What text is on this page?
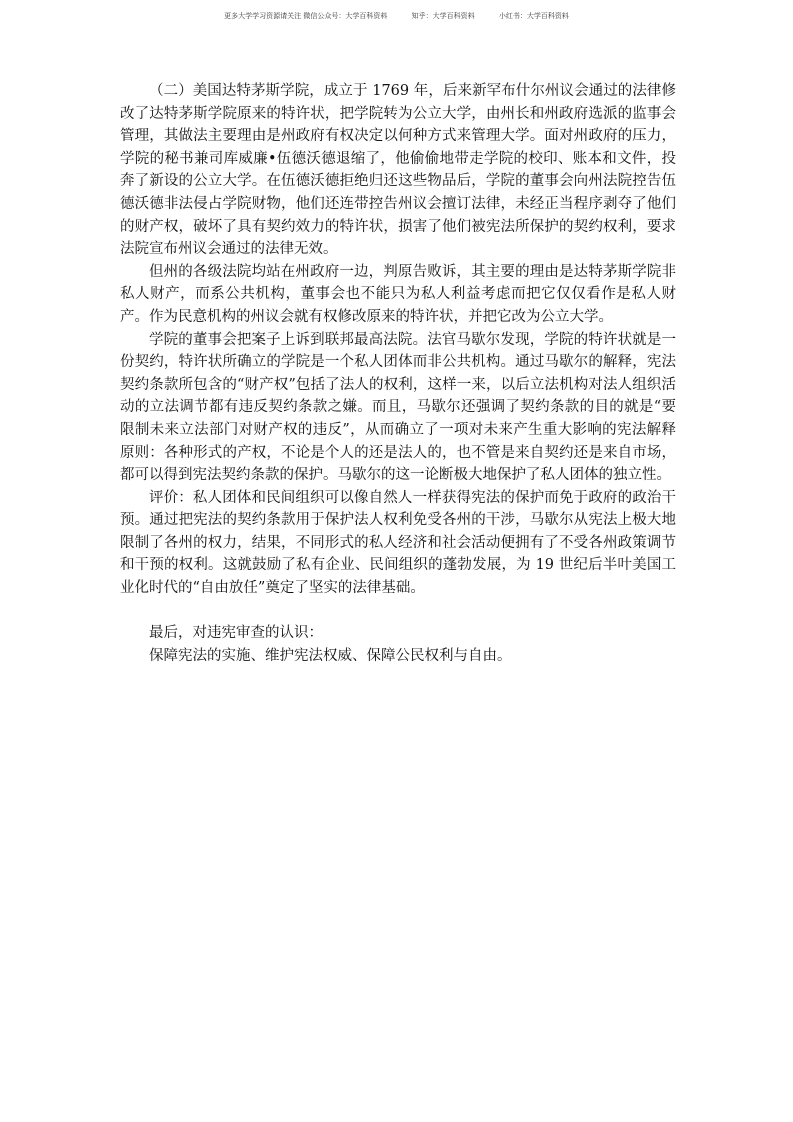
更多大学学习资源请关注 微信公众号：大学百科资料	知乎：大学百科资料	小红书：大学百科资料

（二）美国达特茅斯学院，成立于 1769 年，后来新罕布什尔州议会通过的法律修改了达特茅斯学院原来的特许状，把学院转为公立大学，由州长和州政府选派的监事会管理，其做法主要理由是州政府有权决定以何种方式来管理大学。面对州政府的压力，学院的秘书兼司库威廉•伍德沃德退缩了，他偷偷地带走学院的校印、账本和文件，投奔了新设的公立大学。在伍德沃德拒绝归还这些物品后，学院的董事会向州法院控告伍德沃德非法侵占学院财物，他们还连带控告州议会擅订法律，未经正当程序剥夺了他们的财产权，破坏了具有契约效力的特许状，损害了他们被宪法所保护的契约权利，要求法院宣布州议会通过的法律无效。

但州的各级法院均站在州政府一边，判原告败诉，其主要的理由是达特茅斯学院非私人财产，而系公共机构，董事会也不能只为私人利益考虑而把它仅仅看作是私人财产。作为民意机构的州议会就有权修改原来的特许状，并把它改为公立大学。

学院的董事会把案子上诉到联邦最高法院。法官马歇尔发现，学院的特许状就是一份契约，特许状所确立的学院是一个私人团体而非公共机构。通过马歇尔的解释，宪法契约条款所包含的“财产权”包括了法人的权利，这样一来，以后立法机构对法人组织活动的立法调节都有违反契约条款之嫌。而且，马歇尔还强调了契约条款的目的就是“要限制未来立法部门对财产权的违反”，从而确立了一项对未来产生重大影响的宪法解释原则：各种形式的产权，不论是个人的还是法人的，也不管是来自契约还是来自市场，都可以得到宪法契约条款的保护。马歇尔的这一论断极大地保护了私人团体的独立性。

评价：私人团体和民间组织可以像自然人一样获得宪法的保护而免于政府的政治干预。通过把宪法的契约条款用于保护法人权利免受各州的干涉，马歇尔从宪法上极大地限制了各州的权力，结果，不同形式的私人经济和社会活动便拥有了不受各州政策调节和干预的权利。这就鼓励了私有企业、民间组织的蓬勃发展，为 19 世纪后半叶美国工业化时代的“自由放任”奠定了坚实的法律基础。

最后，对违宪审查的认识：

保障宪法的实施、维护宪法权威、保障公民权利与自由。
